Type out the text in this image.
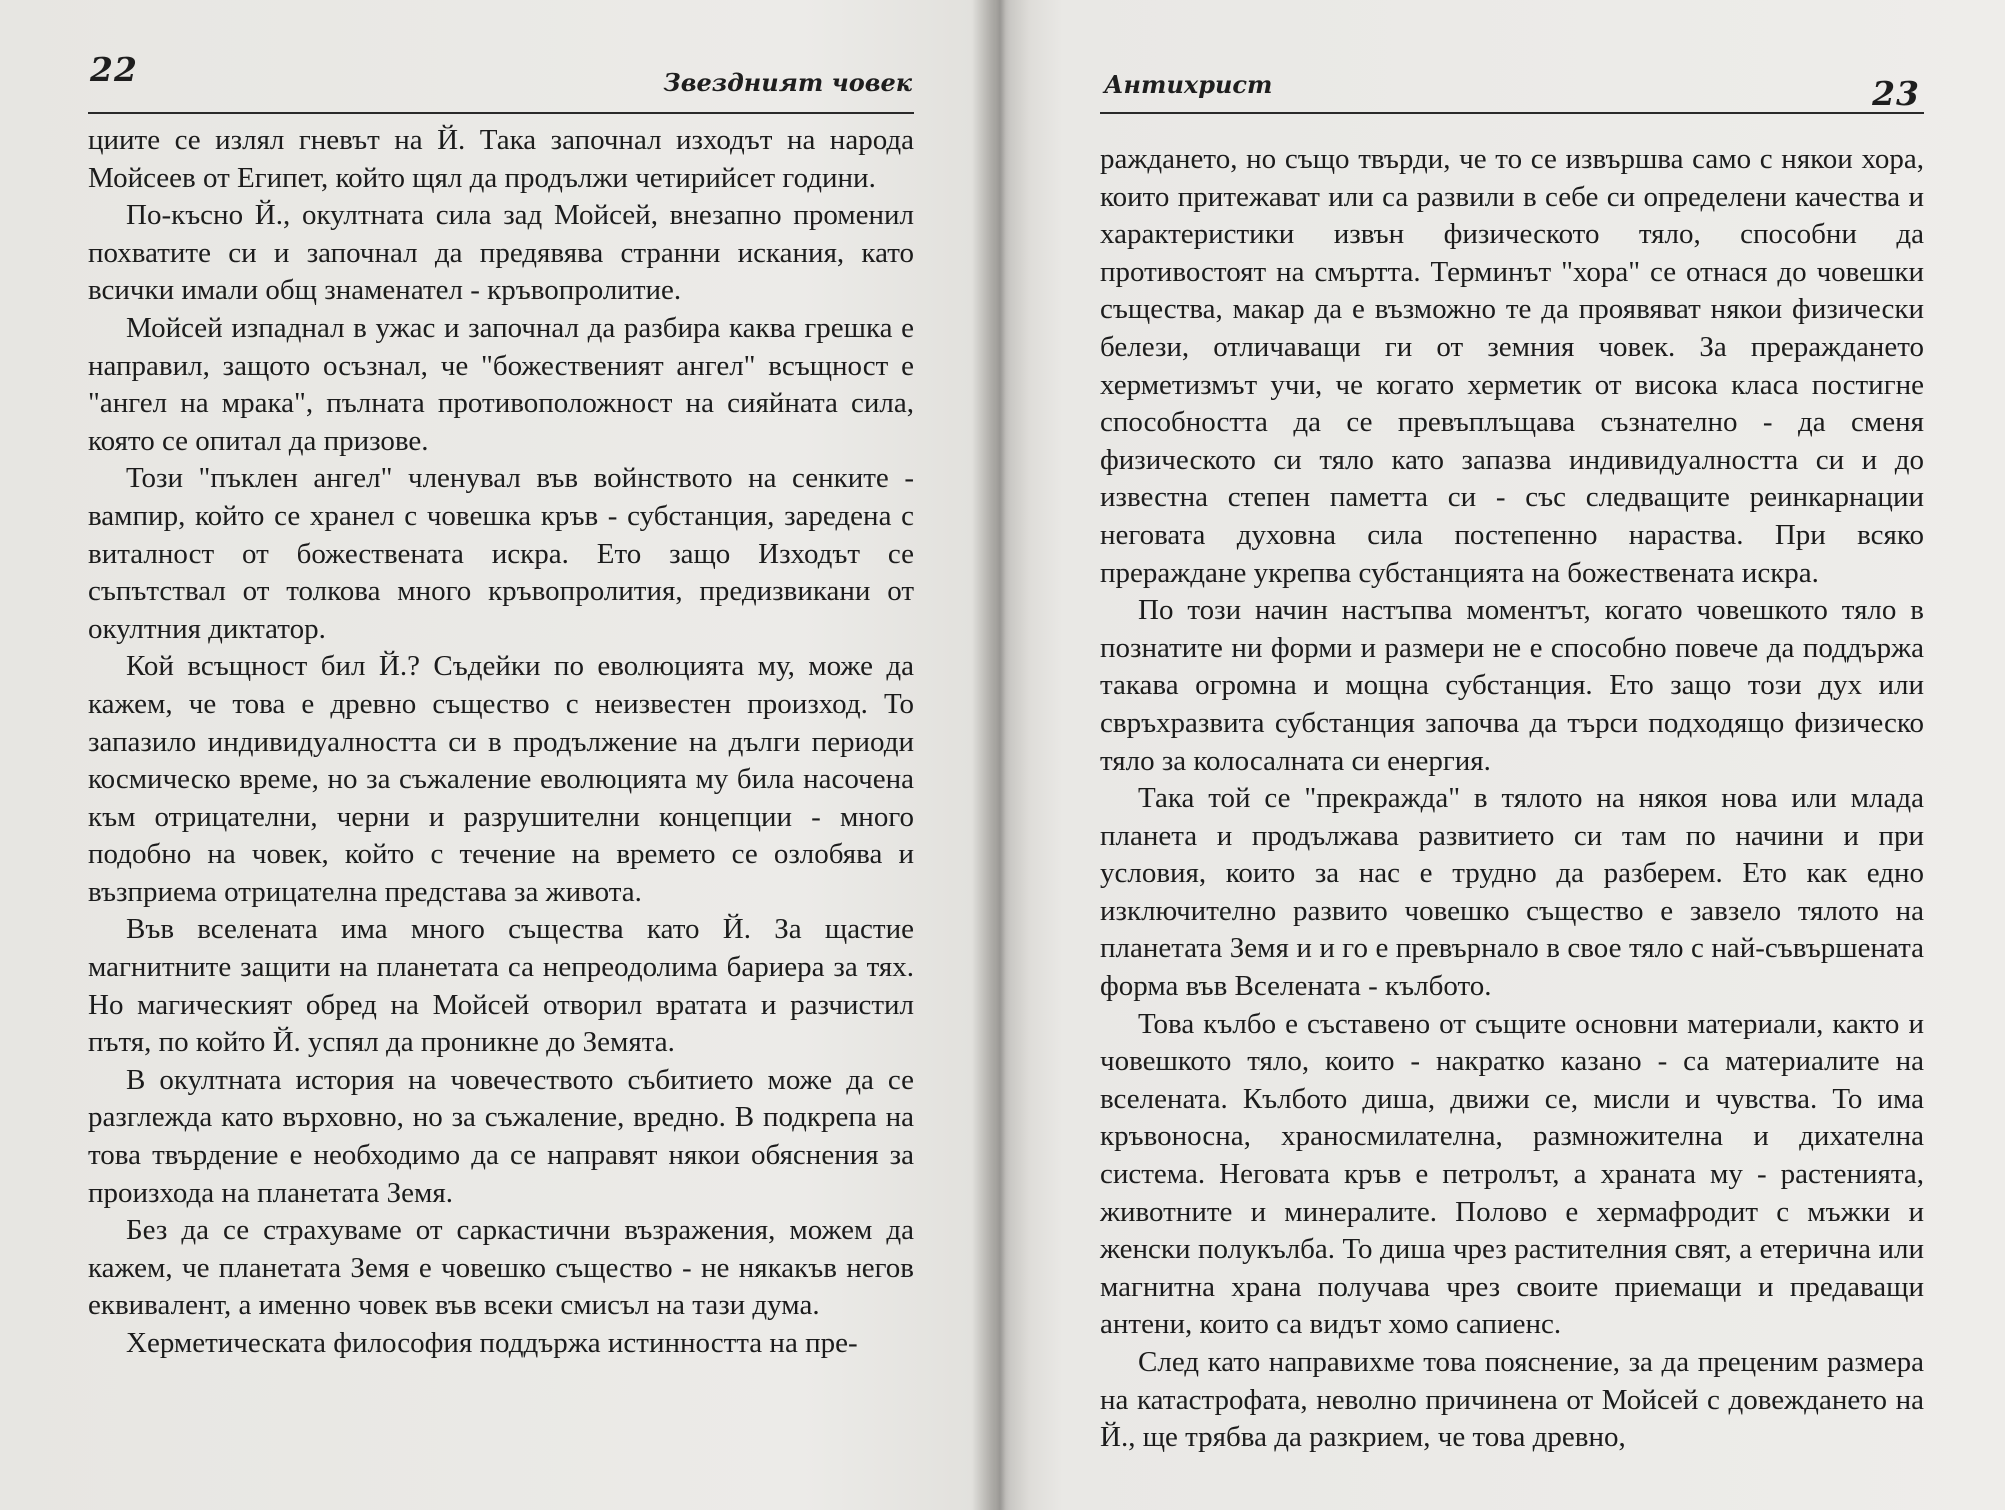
22	Звездният човек

циите се излял гневът на Й. Така започнал изходът на народа Мойсеев от Египет, който щял да продължи четирийсет години.

По-късно Й., окултната сила зад Мойсей, внезапно променил похватите си и започнал да предявява странни искания, като всички имали общ знаменател - кръвопролитие.

Мойсей изпаднал в ужас и започнал да разбира каква грешка е направил, защото осъзнал, че "божественият ангел" всъщност е "ангел на мрака", пълната противоположност на сияйната сила, която се опитал да призове.

Този "пъклен ангел" членувал във войнството на сенките - вампир, който се хранел с човешка кръв - субстанция, заредена с виталност от божествената искра. Ето защо Изходът се съпътствал от толкова много кръвопролития, предизвикани от окултния диктатор.

Кой всъщност бил Й.? Съдейки по еволюцията му, може да кажем, че това е древно същество с неизвестен произход. То запазило индивидуалността си в продължение на дълги периоди космическо време, но за съжаление еволюцията му била насочена към отрицателни, черни и разрушителни концепции - много подобно на човек, който с течение на времето се озлобява и възприема отрицателна представа за живота.

Във вселената има много същества като Й. За щастие магнитните защити на планетата са непреодолима бариера за тях. Но магическият обред на Мойсей отворил вратата и разчистил пътя, по който Й. успял да проникне до Земята.

В окултната история на човечеството събитието може да се разглежда като върховно, но за съжаление, вредно. В подкрепа на това твърдение е необходимо да се направят някои обяснения за произхода на планетата Земя.

Без да се страхуваме от саркастични възражения, можем да кажем, че планетата Земя е човешко същество - не някакъв негов еквивалент, а именно човек във всеки смисъл на тази дума.

Херметическата философия поддържа истинността на пре-

Антихрист	23

раждането, но също твърди, че то се извършва само с някои хора, които притежават или са развили в себе си определени качества и характеристики извън физическото тяло, способни да противостоят на смъртта. Терминът "хора" се отнася до човешки същества, макар да е възможно те да проявяват някои физически белези, отличаващи ги от земния човек. За прераждането херметизмът учи, че когато херметик от висока класа постигне способността да се превъплъщава съзнателно - да сменя физическото си тяло като запазва индивидуалността си и до известна степен паметта си - със следващите реинкарнации неговата духовна сила постепенно нараства. При всяко прераждане укрепва субстанцията на божествената искра.

По този начин настъпва моментът, когато човешкото тяло в познатите ни форми и размери не е способно повече да поддържа такава огромна и мощна субстанция. Ето защо този дух или свръхразвита субстанция започва да търси подходящо физическо тяло за колосалната си енергия.

Така той се "прекражда" в тялото на някоя нова или млада планета и продължава развитието си там по начини и при условия, които за нас е трудно да разберем. Ето как едно изключително развито човешко същество е завзело тялото на планетата Земя и и го е превърнало в свое тяло с най-съвършената форма във Вселената - кълбото.

Това кълбо е съставено от същите основни материали, както и човешкото тяло, които - накратко казано - са материалите на вселената. Кълбото диша, движи се, мисли и чувства. То има кръвоносна, храносмилателна, размножителна и дихателна система. Неговата кръв е петролът, а храната му - растенията, животните и минералите. Полово е хермафродит с мъжки и женски полукълба. То диша чрез растителния свят, а етерична или магнитна храна получава чрез своите приемащи и предаващи антени, които са видът хомо сапиенс.

След като направихме това пояснение, за да преценим размера на катастрофата, неволно причинена от Мойсей с довеждането на Й., ще трябва да разкрием, че това древно,
